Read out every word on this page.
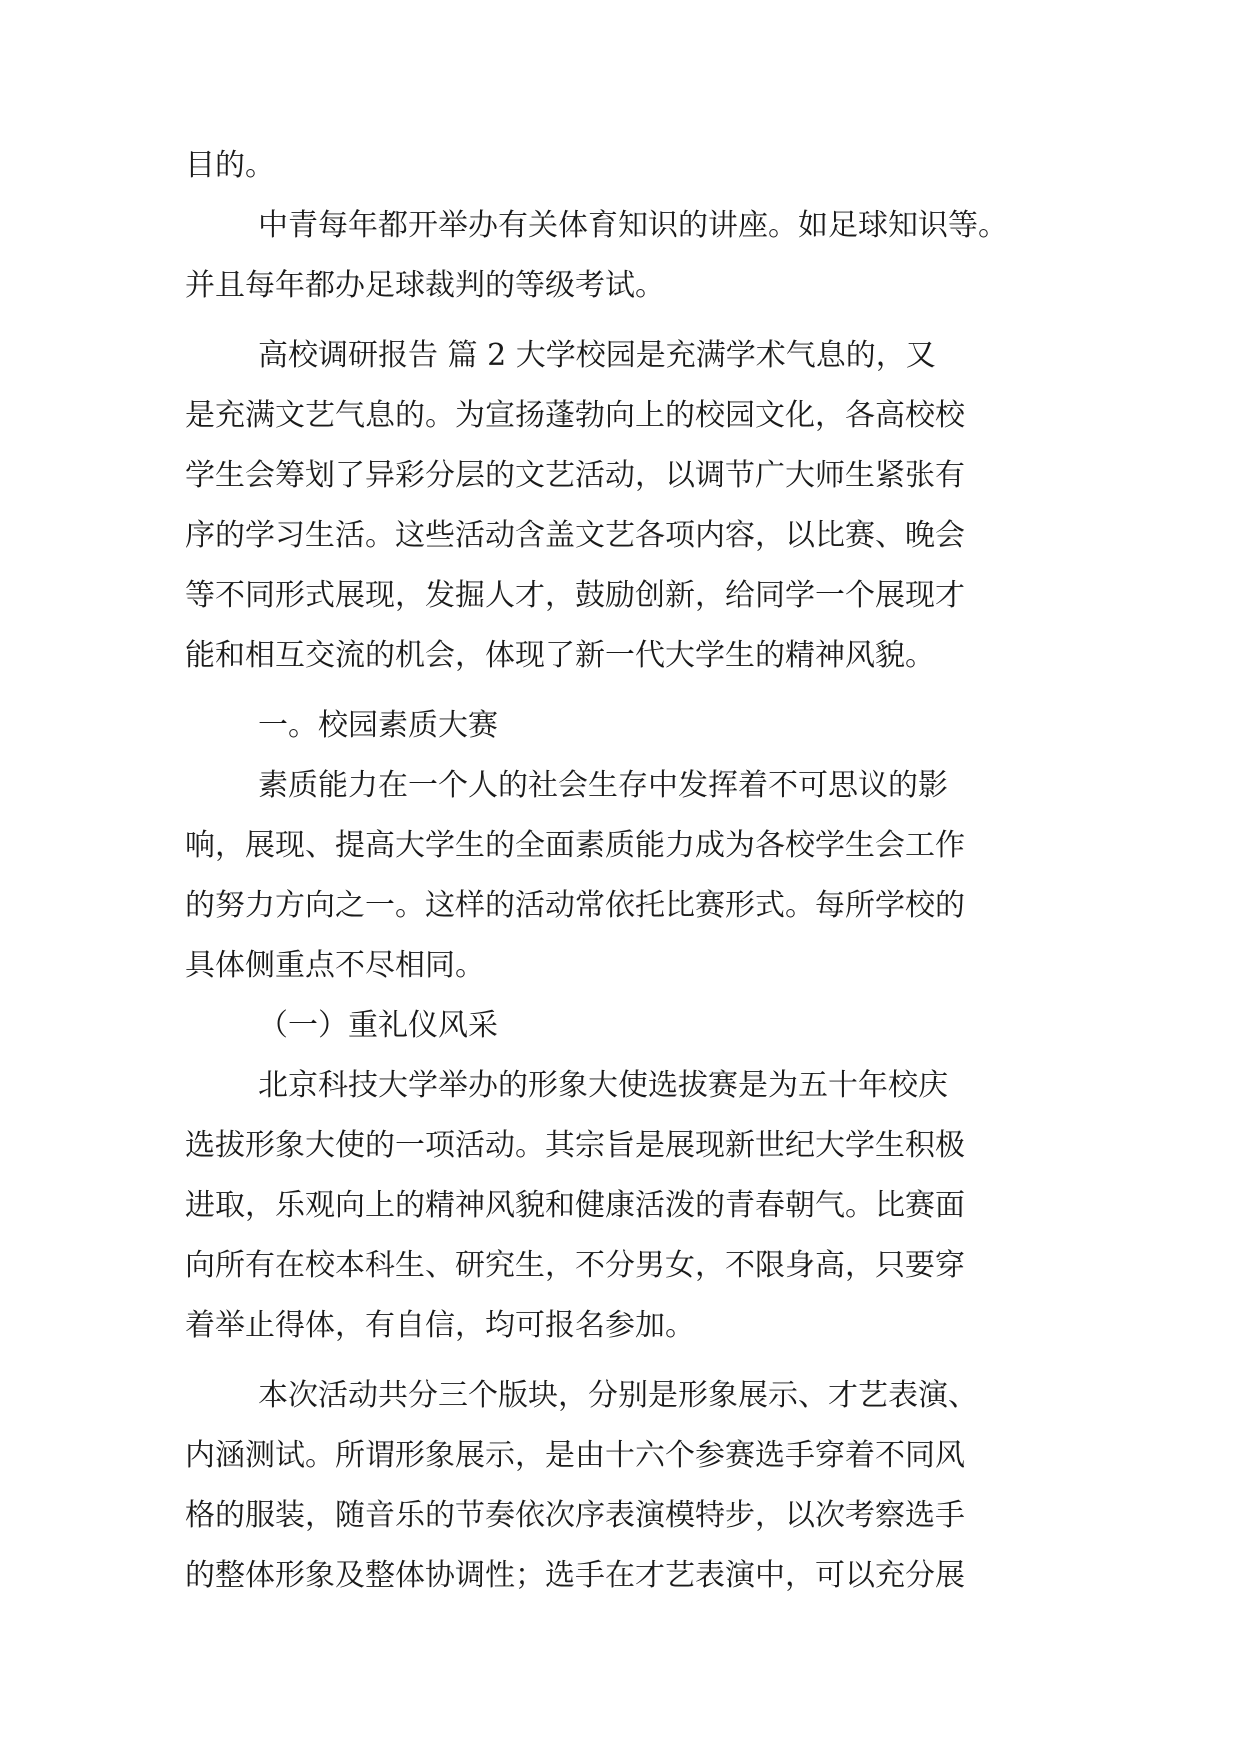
目的。

中青每年都开举办有关体育知识的讲座。如足球知识等。

并且每年都办足球裁判的等级考试。

高校调研报告 篇 2 大学校园是充满学术气息的，又

是充满文艺气息的。为宣扬蓬勃向上的校园文化，各高校校

学生会筹划了异彩分层的文艺活动，以调节广大师生紧张有

序的学习生活。这些活动含盖文艺各项内容，以比赛、晚会

等不同形式展现，发掘人才，鼓励创新，给同学一个展现才

能和相互交流的机会，体现了新一代大学生的精神风貌。

一。校园素质大赛

素质能力在一个人的社会生存中发挥着不可思议的影

响，展现、提高大学生的全面素质能力成为各校学生会工作

的努力方向之一。这样的活动常依托比赛形式。每所学校的

具体侧重点不尽相同。

（一）重礼仪风采

北京科技大学举办的形象大使选拔赛是为五十年校庆

选拔形象大使的一项活动。其宗旨是展现新世纪大学生积极

进取，乐观向上的精神风貌和健康活泼的青春朝气。比赛面

向所有在校本科生、研究生，不分男女，不限身高，只要穿

着举止得体，有自信，均可报名参加。

本次活动共分三个版块，分别是形象展示、才艺表演、

内涵测试。所谓形象展示，是由十六个参赛选手穿着不同风

格的服装，随音乐的节奏依次序表演模特步，以次考察选手

的整体形象及整体协调性；选手在才艺表演中，可以充分展
